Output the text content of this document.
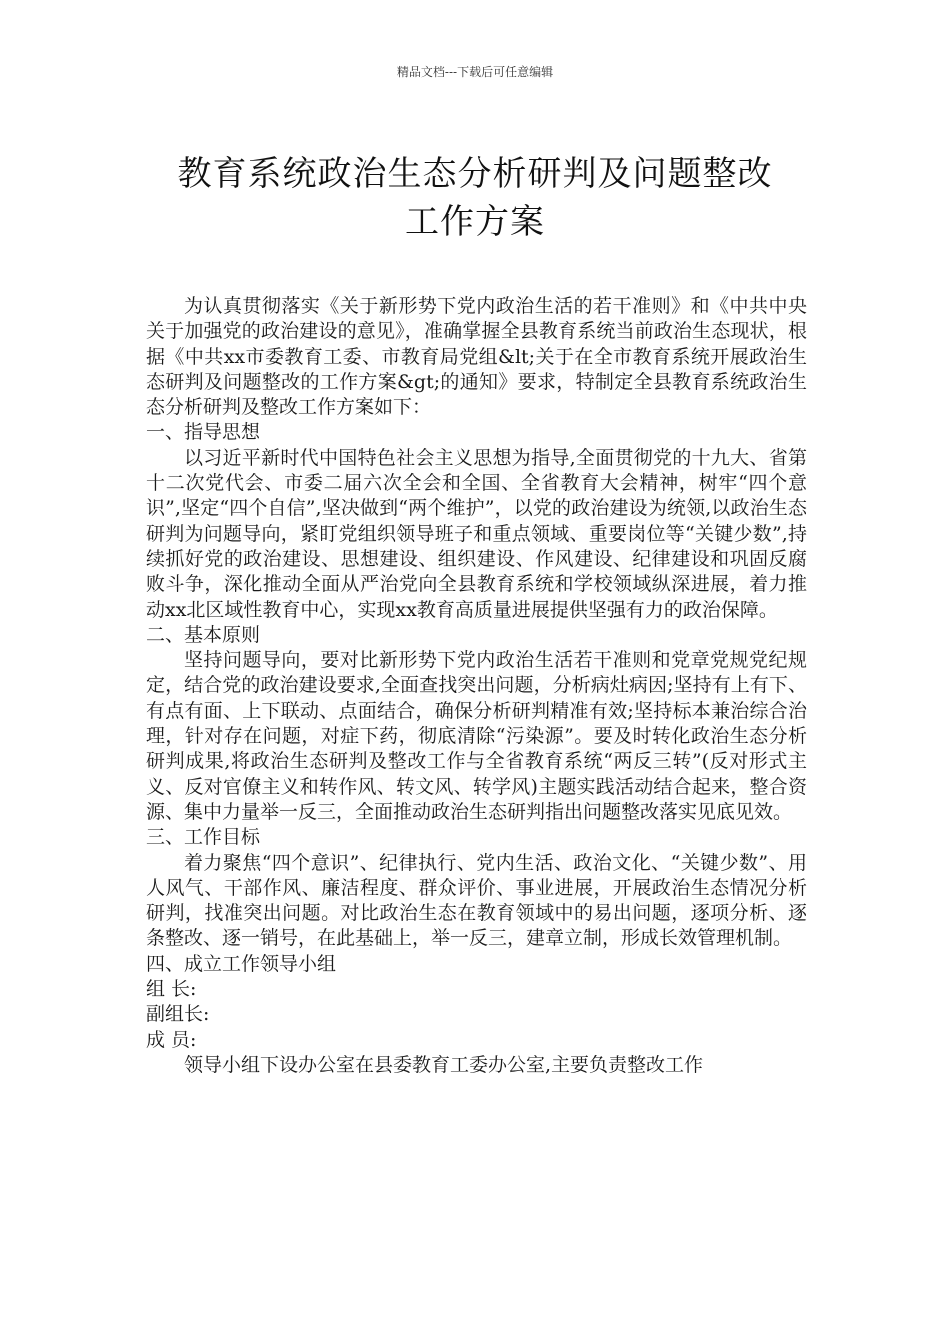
精品文档---下载后可任意编辑
教育系统政治生态分析研判及问题整改
工作方案

为认真贯彻落实《关于新形势下党内政治生活的若干准则》和《中共中央关于加强党的政治建设的意见》，准确掌握全县教育系统当前政治生态现状，根据《中共xx市委教育工委、市教育局党组&lt;关于在全市教育系统开展政治生态研判及问题整改的工作方案&gt;的通知》要求，特制定全县教育系统政治生态分析研判及整改工作方案如下：

一、指导思想

以习近平新时代中国特色社会主义思想为指导,全面贯彻党的十九大、省第十二次党代会、市委二届六次全会和全国、全省教育大会精神，树牢“四个意识”,坚定“四个自信”,坚决做到“两个维护”，以党的政治建设为统领,以政治生态研判为问题导向，紧盯党组织领导班子和重点领域、重要岗位等“关键少数”,持续抓好党的政治建设、思想建设、组织建设、作风建设、纪律建设和巩固反腐败斗争，深化推动全面从严治党向全县教育系统和学校领域纵深进展，着力推动xx北区域性教育中心，实现xx教育高质量进展提供坚强有力的政治保障。

二、基本原则

坚持问题导向，要对比新形势下党内政治生活若干准则和党章党规党纪规定，结合党的政治建设要求,全面查找突出问题，分析病灶病因;坚持有上有下、有点有面、上下联动、点面结合，确保分析研判精准有效;坚持标本兼治综合治理，针对存在问题，对症下药，彻底清除“污染源”。要及时转化政治生态分析研判成果,将政治生态研判及整改工作与全省教育系统“两反三转”(反对形式主义、反对官僚主义和转作风、转文风、转学风)主题实践活动结合起来，整合资源、集中力量举一反三，全面推动政治生态研判指出问题整改落实见底见效。

三、工作目标

着力聚焦“四个意识”、纪律执行、党内生活、政治文化、“关键少数”、用人风气、干部作风、廉洁程度、群众评价、事业进展，开展政治生态情况分析研判，找准突出问题。对比政治生态在教育领域中的易出问题，逐项分析、逐条整改、逐一销号，在此基础上，举一反三，建章立制，形成长效管理机制。

四、成立工作领导小组

组 长:

副组长:

成 员:

领导小组下设办公室在县委教育工委办公室,主要负责整改工作
